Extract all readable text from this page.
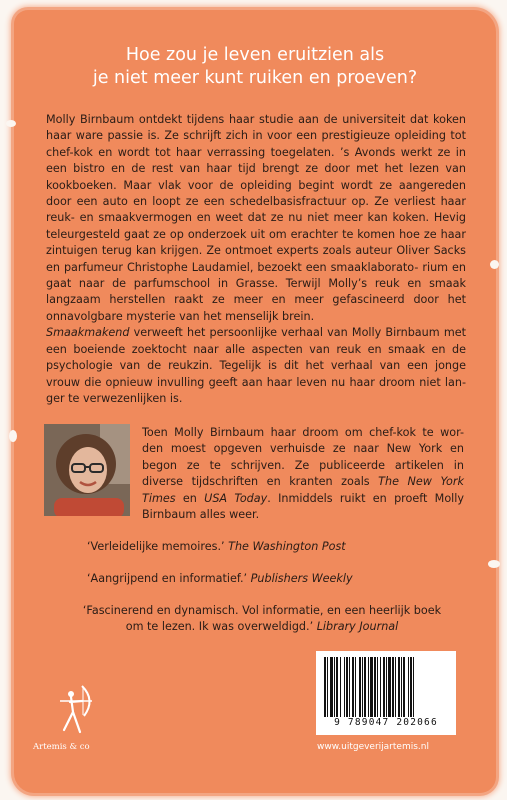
Hoe zou je leven eruitzien als
je niet meer kunt ruiken en proeven?

Molly Birnbaum ontdekt tijdens haar studie aan de universiteit dat koken haar ware passie is. Ze schrijft zich in voor een prestigieuze opleiding tot chef-kok en wordt tot haar verrassing toegelaten. ’s Avonds werkt ze in een bistro en de rest van haar tijd brengt ze door met het lezen van kookboeken. Maar vlak voor de opleiding begint wordt ze aangereden door een auto en loopt ze een schedelbasisfractuur op. Ze verliest haar reuk- en smaakvermogen en weet dat ze nu niet meer kan koken. Hevig teleurgesteld gaat ze op onderzoek uit om erachter te komen hoe ze haar zintuigen terug kan krijgen. Ze ontmoet experts zoals auteur Oliver Sacks en parfumeur Christophe Laudamiel, bezoekt een smaaklaborato- rium en gaat naar de parfumschool in Grasse. Terwijl Molly’s reuk en smaak langzaam herstellen raakt ze meer en meer gefascineerd door het onnavolgbare mysterie van het menselijk brein.

Smaakmakend verweeft het persoonlijke verhaal van Molly Birnbaum met een boeiende zoektocht naar alle aspecten van reuk en smaak en de psychologie van de reukzin. Tegelijk is dit het verhaal van een jonge vrouw die opnieuw invulling geeft aan haar leven nu haar droom niet lan- ger te verwezenlijken is.

Toen Molly Birnbaum haar droom om chef-kok te wor- den moest opgeven verhuisde ze naar New York en begon ze te schrijven. Ze publiceerde artikelen in diverse tijdschriften en kranten zoals The New York Times en USA Today. Inmiddels ruikt en proeft Molly Birnbaum alles weer.
‘Verleidelijke memoires.’ The Washington Post
‘Aangrijpend en informatief.’ Publishers Weekly
‘Fascinerend en dynamisch. Vol informatie, en een heerlijk boek
om te lezen. Ik was overweldigd.’ Library Journal
Artemis & co
9 789047 202066
www.uitgeverijartemis.nl
